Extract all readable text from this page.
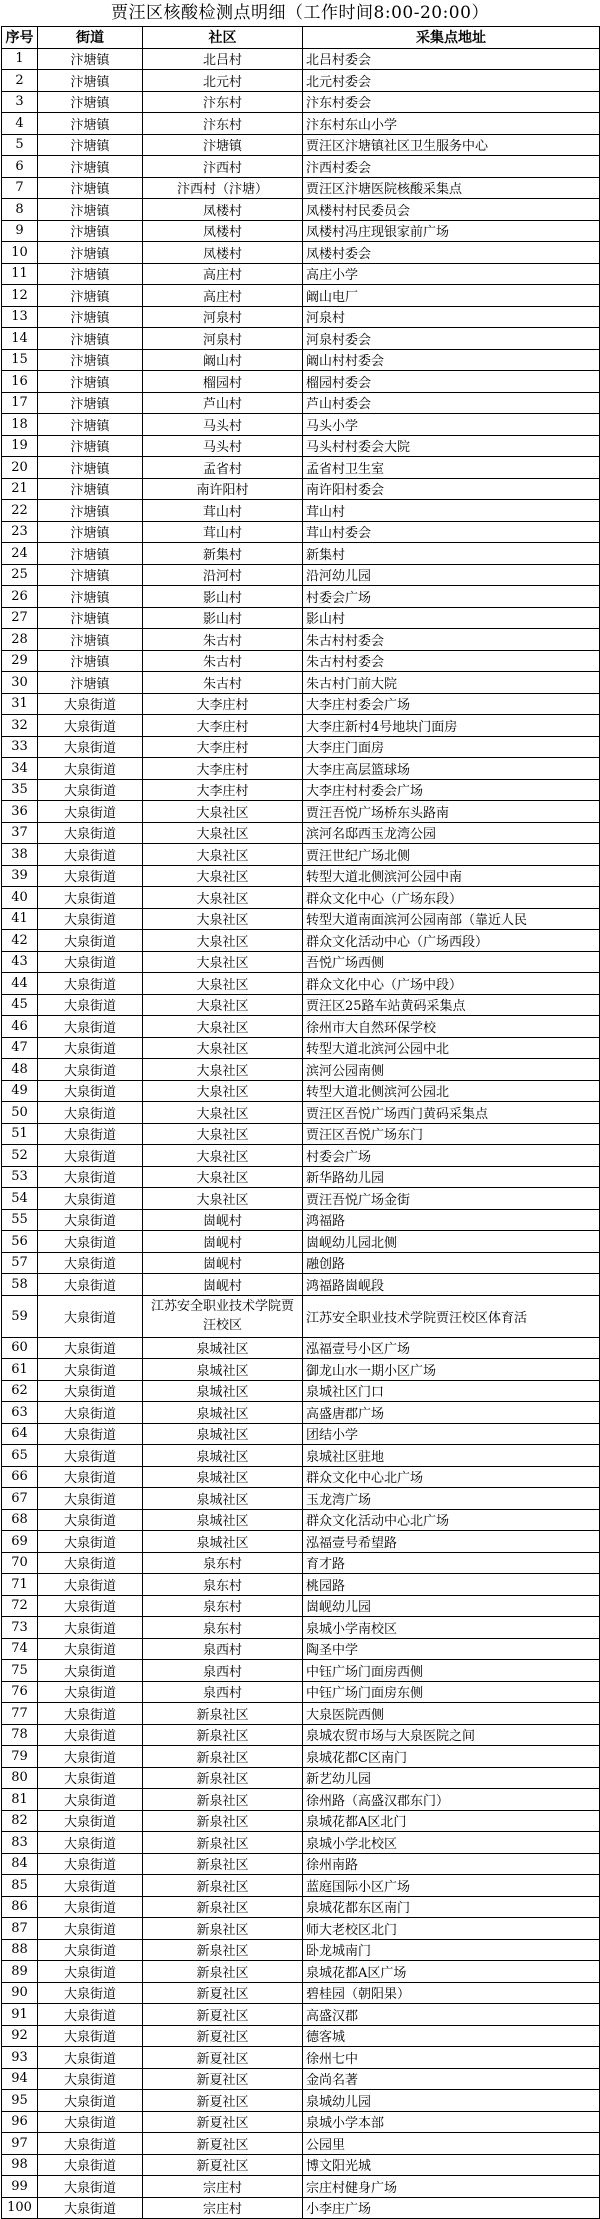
贾汪区核酸检测点明细（工作时间8:00-20:00）
序号	街道	社区	采集点地址
1	汴塘镇	北吕村	北吕村委会
2	汴塘镇	北元村	北元村委会
3	汴塘镇	汴东村	汴东村委会
4	汴塘镇	汴东村	汴东村东山小学
5	汴塘镇	汴塘镇	贾汪区汴塘镇社区卫生服务中心
6	汴塘镇	汴西村	汴西村委会
7	汴塘镇	汴西村（汴塘）	贾汪区汴塘医院核酸采集点
8	汴塘镇	凤楼村	凤楼村村民委员会
9	汴塘镇	凤楼村	凤楼村冯庄现银家前广场
10	汴塘镇	凤楼村	凤楼村委会
11	汴塘镇	高庄村	高庄小学
12	汴塘镇	高庄村	阚山电厂
13	汴塘镇	河泉村	河泉村
14	汴塘镇	河泉村	河泉村委会
15	汴塘镇	阚山村	阚山村村委会
16	汴塘镇	榴园村	榴园村委会
17	汴塘镇	芦山村	芦山村委会
18	汴塘镇	马头村	马头小学
19	汴塘镇	马头村	马头村村委会大院
20	汴塘镇	孟省村	孟省村卫生室
21	汴塘镇	南许阳村	南许阳村委会
22	汴塘镇	茸山村	茸山村
23	汴塘镇	茸山村	茸山村委会
24	汴塘镇	新集村	新集村
25	汴塘镇	沿河村	沿河幼儿园
26	汴塘镇	影山村	村委会广场
27	汴塘镇	影山村	影山村
28	汴塘镇	朱古村	朱古村村委会
29	汴塘镇	朱古村	朱古村村委会
30	汴塘镇	朱古村	朱古村门前大院
31	大泉街道	大李庄村	大李庄村委会广场
32	大泉街道	大李庄村	大李庄新村4号地块门面房
33	大泉街道	大李庄村	大李庄门面房
34	大泉街道	大李庄村	大李庄高层篮球场
35	大泉街道	大李庄村	大李庄村村委会广场
36	大泉街道	大泉社区	贾汪吾悦广场桥东头路南
37	大泉街道	大泉社区	滨河名邸西玉龙湾公园
38	大泉街道	大泉社区	贾汪世纪广场北侧
39	大泉街道	大泉社区	转型大道北侧滨河公园中南
40	大泉街道	大泉社区	群众文化中心（广场东段）
41	大泉街道	大泉社区	转型大道南面滨河公园南部（靠近人民
42	大泉街道	大泉社区	群众文化活动中心（广场西段）
43	大泉街道	大泉社区	吾悦广场西侧
44	大泉街道	大泉社区	群众文化中心（广场中段）
45	大泉街道	大泉社区	贾汪区25路车站黄码采集点
46	大泉街道	大泉社区	徐州市大自然环保学校
47	大泉街道	大泉社区	转型大道北滨河公园中北
48	大泉街道	大泉社区	滨河公园南侧
49	大泉街道	大泉社区	转型大道北侧滨河公园北
50	大泉街道	大泉社区	贾汪区吾悦广场西门黄码采集点
51	大泉街道	大泉社区	贾汪区吾悦广场东门
52	大泉街道	大泉社区	村委会广场
53	大泉街道	大泉社区	新华路幼儿园
54	大泉街道	大泉社区	贾汪吾悦广场金街
55	大泉街道	崮岘村	鸿福路
56	大泉街道	崮岘村	崮岘幼儿园北侧
57	大泉街道	崮岘村	融创路
58	大泉街道	崮岘村	鸿福路崮岘段
59	大泉街道	江苏安全职业技术学院贾汪校区	江苏安全职业技术学院贾汪校区体育活
60	大泉街道	泉城社区	泓福壹号小区广场
61	大泉街道	泉城社区	御龙山水一期小区广场
62	大泉街道	泉城社区	泉城社区门口
63	大泉街道	泉城社区	高盛唐郡广场
64	大泉街道	泉城社区	团结小学
65	大泉街道	泉城社区	泉城社区驻地
66	大泉街道	泉城社区	群众文化中心北广场
67	大泉街道	泉城社区	玉龙湾广场
68	大泉街道	泉城社区	群众文化活动中心北广场
69	大泉街道	泉城社区	泓福壹号希望路
70	大泉街道	泉东村	育才路
71	大泉街道	泉东村	桃园路
72	大泉街道	泉东村	崮岘幼儿园
73	大泉街道	泉东村	泉城小学南校区
74	大泉街道	泉西村	陶圣中学
75	大泉街道	泉西村	中钰广场门面房西侧
76	大泉街道	泉西村	中钰广场门面房东侧
77	大泉街道	新泉社区	大泉医院西侧
78	大泉街道	新泉社区	泉城农贸市场与大泉医院之间
79	大泉街道	新泉社区	泉城花都C区南门
80	大泉街道	新泉社区	新艺幼儿园
81	大泉街道	新泉社区	徐州路（高盛汉郡东门）
82	大泉街道	新泉社区	泉城花都A区北门
83	大泉街道	新泉社区	泉城小学北校区
84	大泉街道	新泉社区	徐州南路
85	大泉街道	新泉社区	蓝庭国际小区广场
86	大泉街道	新泉社区	泉城花都东区南门
87	大泉街道	新泉社区	师大老校区北门
88	大泉街道	新泉社区	卧龙城南门
89	大泉街道	新泉社区	泉城花都A区广场
90	大泉街道	新夏社区	碧桂园（朝阳果）
91	大泉街道	新夏社区	高盛汉郡
92	大泉街道	新夏社区	德客城
93	大泉街道	新夏社区	徐州七中
94	大泉街道	新夏社区	金尚名著
95	大泉街道	新夏社区	泉城幼儿园
96	大泉街道	新夏社区	泉城小学本部
97	大泉街道	新夏社区	公园里
98	大泉街道	新夏社区	博文阳光城
99	大泉街道	宗庄村	宗庄村健身广场
100	大泉街道	宗庄村	小李庄广场
